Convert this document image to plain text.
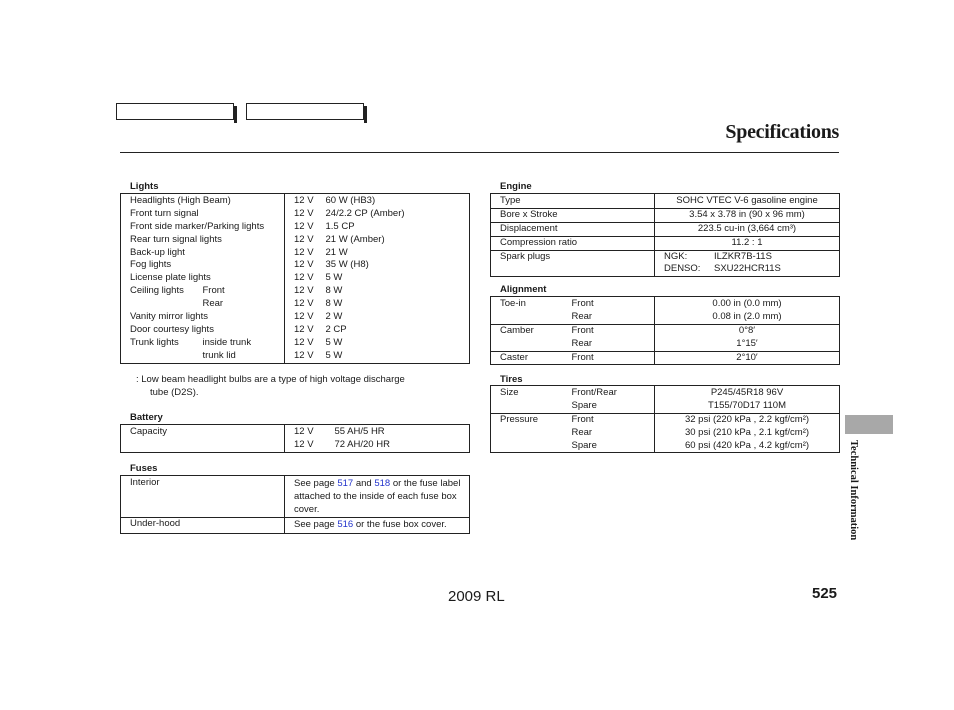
Specifications
Lights
Headlights (High Beam)		12 V	60 W (HB3)
Front turn signal		12 V	24/2.2 CP (Amber)
Front side marker/Parking lights		12 V	1.5 CP
Rear turn signal lights		12 V	21 W (Amber)
Back-up light		12 V	21 W
Fog lights		12 V	35 W (H8)
License plate lights		12 V	5 W
Ceiling lights	Front	12 V	8 W
	Rear	12 V	8 W
Vanity mirror lights		12 V	2 W
Door courtesy lights		12 V	2 CP
Trunk lights	inside trunk	12 V	5 W
	trunk lid	12 V	5 W
: Low beam headlight bulbs are a type of high voltage discharge
tube (D2S).
Battery
Capacity	12 V	55 AH/5 HR
	12 V	72 AH/20 HR
Fuses
Interior	See page 517 and 518 or the fuse label attached to the inside of each fuse box cover.
Under-hood	See page 516 or the fuse box cover.
Engine
Type	SOHC VTEC V-6 gasoline engine
Bore x Stroke	3.54 x 3.78 in (90 x 96 mm)
Displacement	223.5 cu-in (3,664 cm³)
Compression ratio	11.2 : 1
Spark plugs	NGK: ILZKR7B-11S
DENSO: SXU22HCR11S
Alignment
Toe-in	Front	0.00 in (0.0 mm)
	Rear	0.08 in (2.0 mm)
Camber	Front	0°8′
	Rear	1°15′
Caster	Front	2°10′
Tires
Size	Front/Rear	P245/45R18 96V
	Spare	T155/70D17 110M
Pressure	Front	32 psi (220 kPa , 2.2 kgf/cm²)
	Rear	30 psi (210 kPa , 2.1 kgf/cm²)
	Spare	60 psi (420 kPa , 4.2 kgf/cm²)	Technical Information
2009 RL	525
